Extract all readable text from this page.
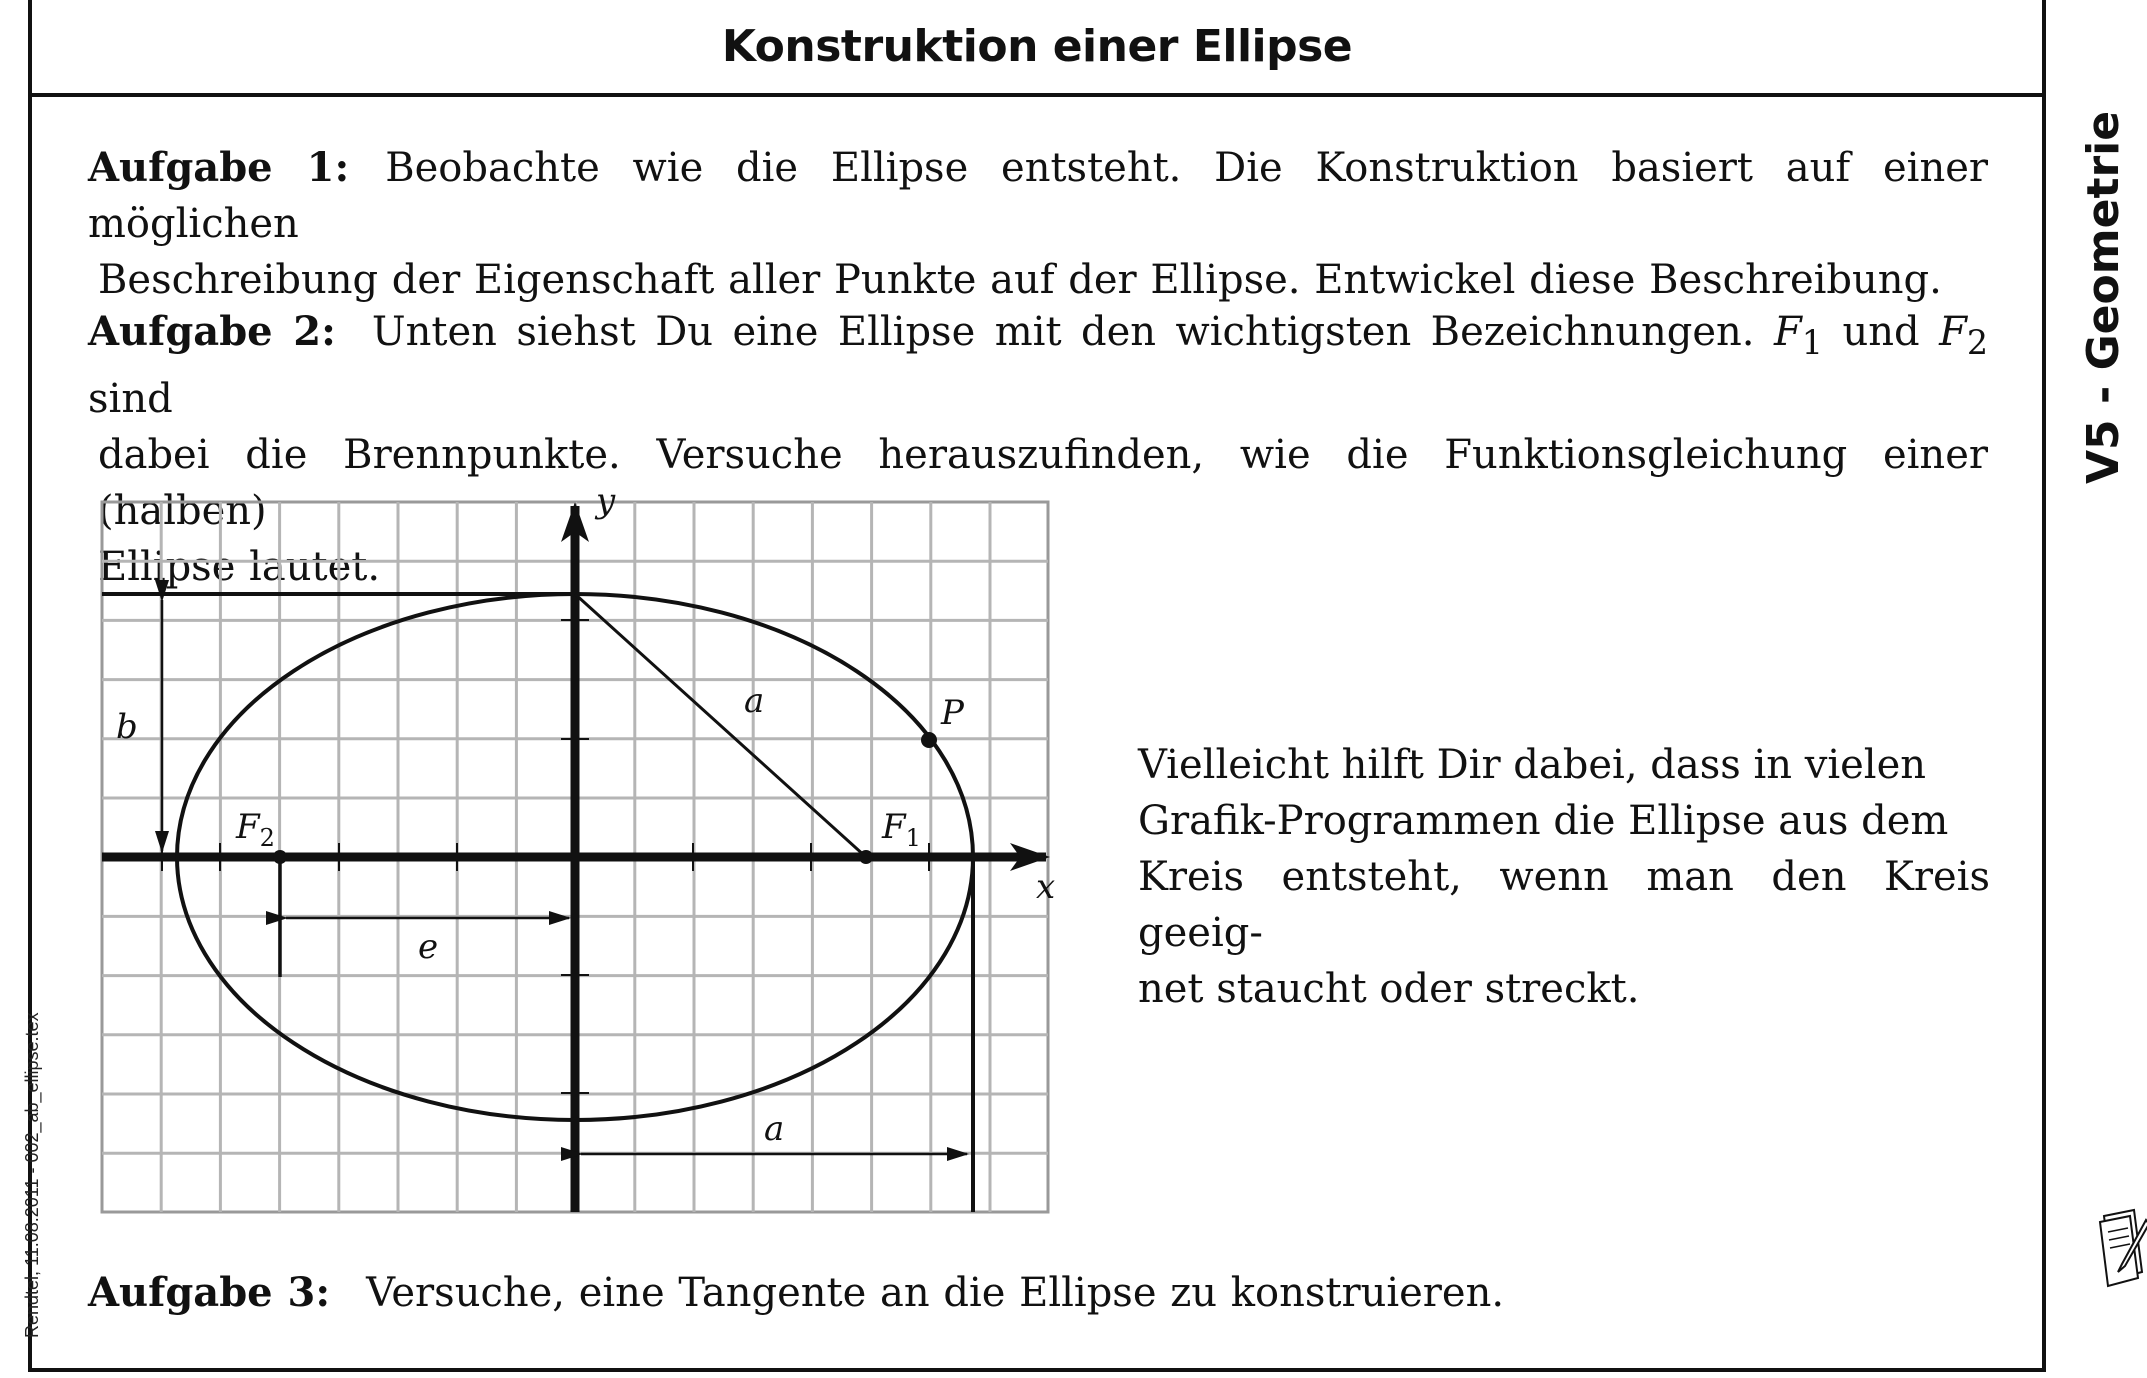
Konstruktion einer Ellipse
V5 - Geometrie
Rendtel, 11.08.2011 - 002_ab_ellipse.tex
Aufgabe 1: Beobachte wie die Ellipse entsteht. Die Konstruktion basiert auf einer möglichen
Beschreibung der Eigenschaft aller Punkte auf der Ellipse. Entwickel diese Beschreibung.
Aufgabe 2: Unten siehst Du eine Ellipse mit den wichtigsten Bezeichnungen. $F_1$ und $F_2$ sind
dabei die Brennpunkte. Versuche herauszufinden, wie die Funktionsgleichung einer (halben)
Ellipse lautet.
y
x
a
a
b
e
P
$F_1$
$F_2$
Vielleicht hilft Dir dabei, dass in vielen
Grafik-Programmen die Ellipse aus dem
Kreis entsteht, wenn man den Kreis geeig-
net staucht oder streckt.
Aufgabe 3: Versuche, eine Tangente an die Ellipse zu konstruieren.
